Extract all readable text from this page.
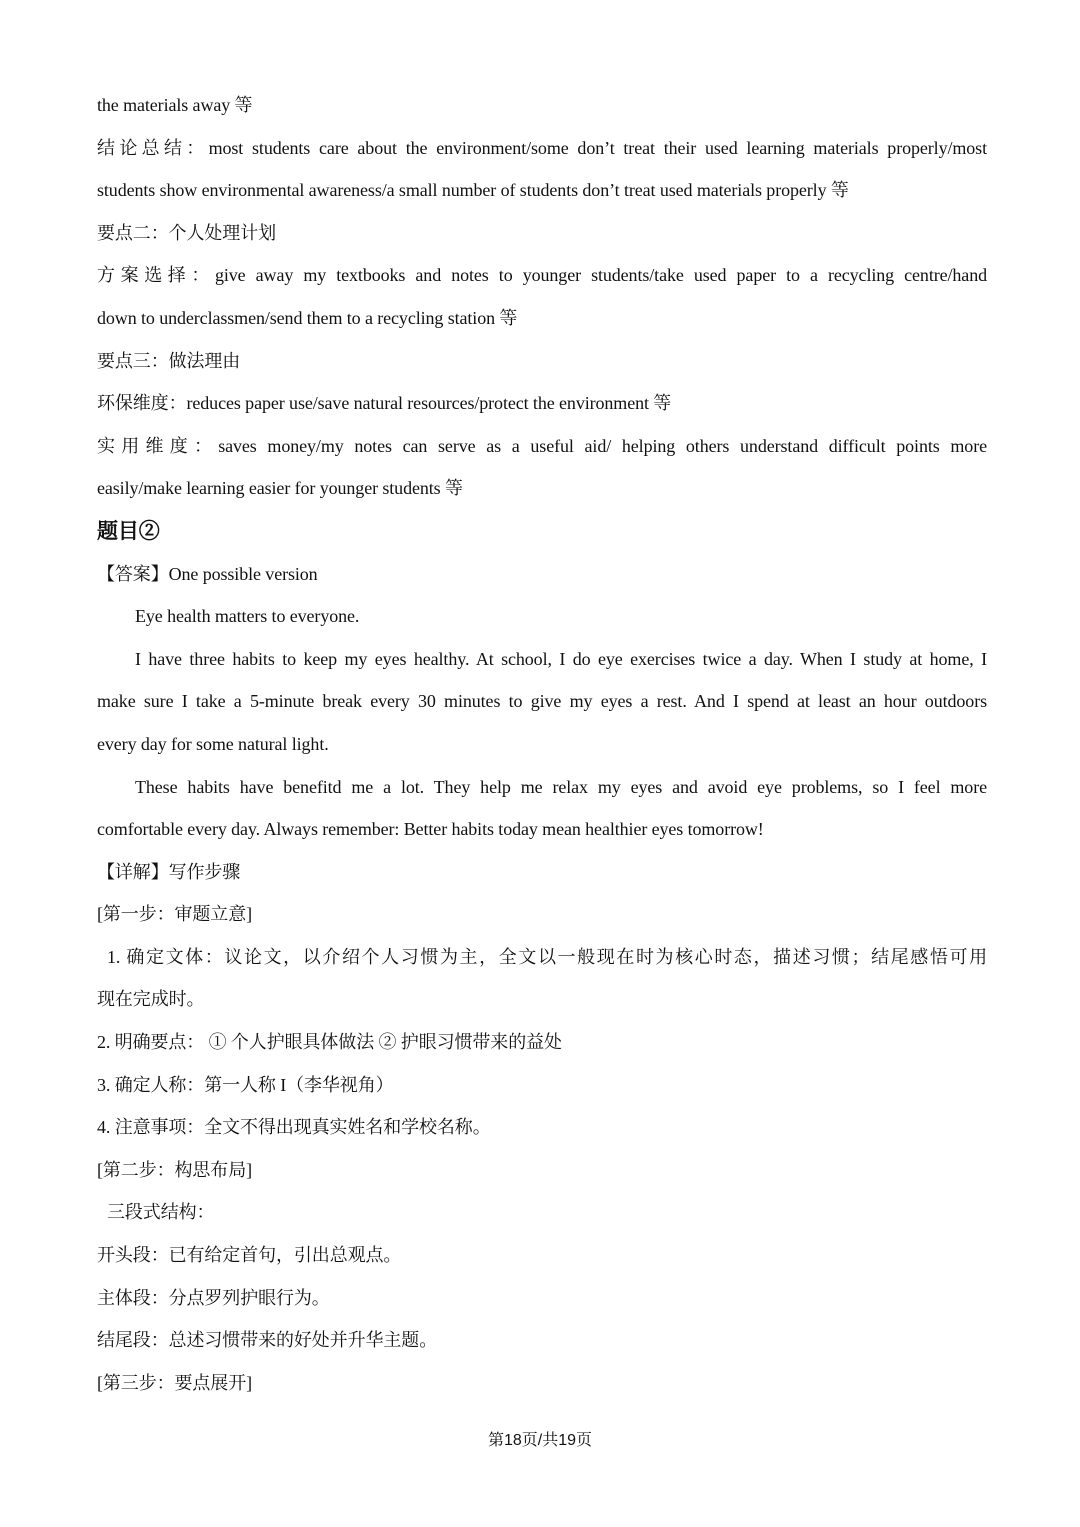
the materials away 等
结论总结：most students care about the environment/some don’t treat their used learning materials properly/most
students show environmental awareness/a small number of students don’t treat used materials properly 等
要点二：个人处理计划
方案选择：give away my textbooks and notes to younger students/take used paper to a recycling centre/hand
down to underclassmen/send them to a recycling station 等
要点三：做法理由
环保维度：reduces paper use/save natural resources/protect the environment 等
实用维度：saves money/my notes can serve as a useful aid/ helping others understand difficult points more
easily/make learning easier for younger students 等
题目②
【答案】One possible version
Eye health matters to everyone.
I have three habits to keep my eyes healthy. At school, I do eye exercises twice a day. When I study at home, I
make sure I take a 5-minute break every 30 minutes to give my eyes a rest. And I spend at least an hour outdoors
every day for some natural light.
These habits have benefitd me a lot. They help me relax my eyes and avoid eye problems, so I feel more
comfortable every day. Always remember: Better habits today mean healthier eyes tomorrow!
【详解】写作步骤
[第一步：审题立意]
1. 确定文体：议论文，以介绍个人习惯为主，全文以一般现在时为核心时态，描述习惯；结尾感悟可用
现在完成时。
2. 明确要点： ① 个人护眼具体做法 ② 护眼习惯带来的益处
3. 确定人称：第一人称 I（李华视角）
4. 注意事项：全文不得出现真实姓名和学校名称。
[第二步：构思布局]
三段式结构：
开头段：已有给定首句，引出总观点。
主体段：分点罗列护眼行为。
结尾段：总述习惯带来的好处并升华主题。
[第三步：要点展开]
第18页/共19页
